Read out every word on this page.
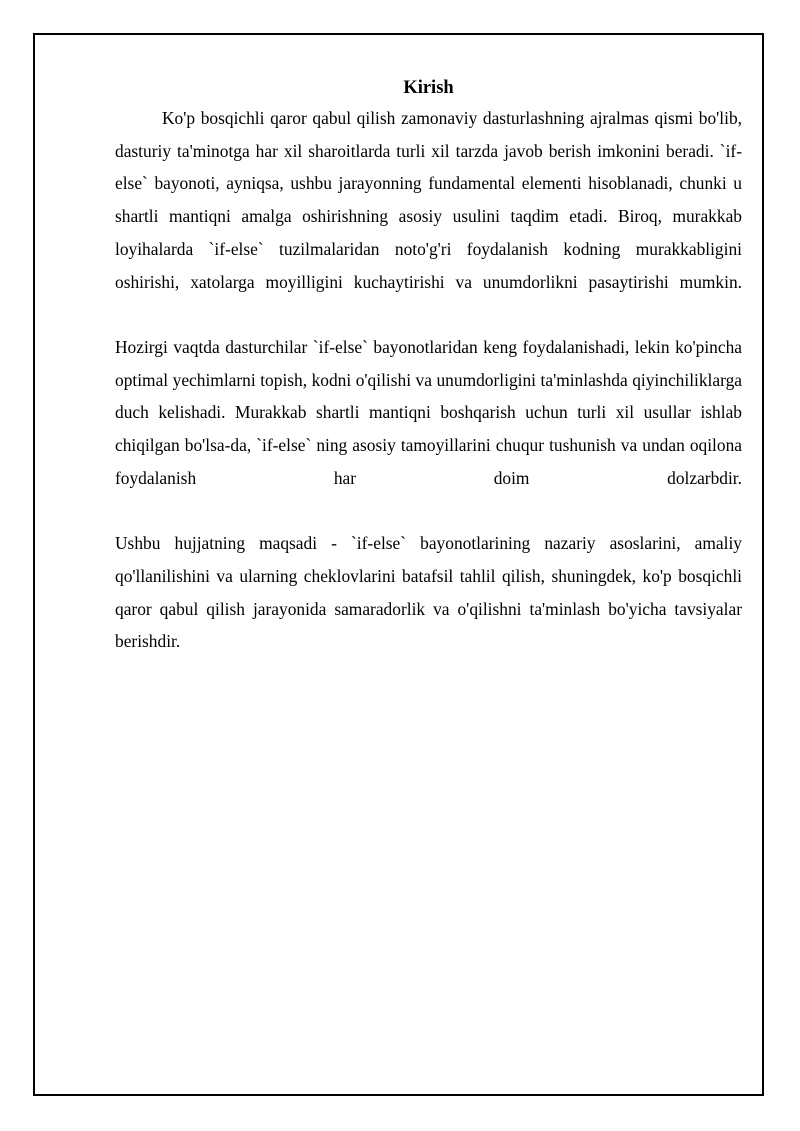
Kirish

Ko'p bosqichli qaror qabul qilish zamonaviy dasturlashning ajralmas qismi bo'lib, dasturiy ta'minotga har xil sharoitlarda turli xil tarzda javob berish imkonini beradi. `if-else` bayonoti, ayniqsa, ushbu jarayonning fundamental elementi hisoblanadi, chunki u shartli mantiqni amalga oshirishning asosiy usulini taqdim etadi. Biroq, murakkab loyihalarda `if-else` tuzilmalaridan noto'g'ri foydalanish kodning murakkabligini oshirishi, xatolarga moyilligini kuchaytirishi va unumdorlikni pasaytirishi mumkin.

Hozirgi vaqtda dasturchilar `if-else` bayonotlaridan keng foydalanishadi, lekin ko'pincha optimal yechimlarni topish, kodni o'qilishi va unumdorligini ta'minlashda qiyinchiliklarga duch kelishadi. Murakkab shartli mantiqni boshqarish uchun turli xil usullar ishlab chiqilgan bo'lsa-da, `if-else` ning asosiy tamoyillarini chuqur tushunish va undan oqilona foydalanish har doim dolzarbdir.

Ushbu hujjatning maqsadi - `if-else` bayonotlarining nazariy asoslarini, amaliy qo'llanilishini va ularning cheklovlarini batafsil tahlil qilish, shuningdek, ko'p bosqichli qaror qabul qilish jarayonida samaradorlik va o'qilishni ta'minlash bo'yicha tavsiyalar berishdir.
